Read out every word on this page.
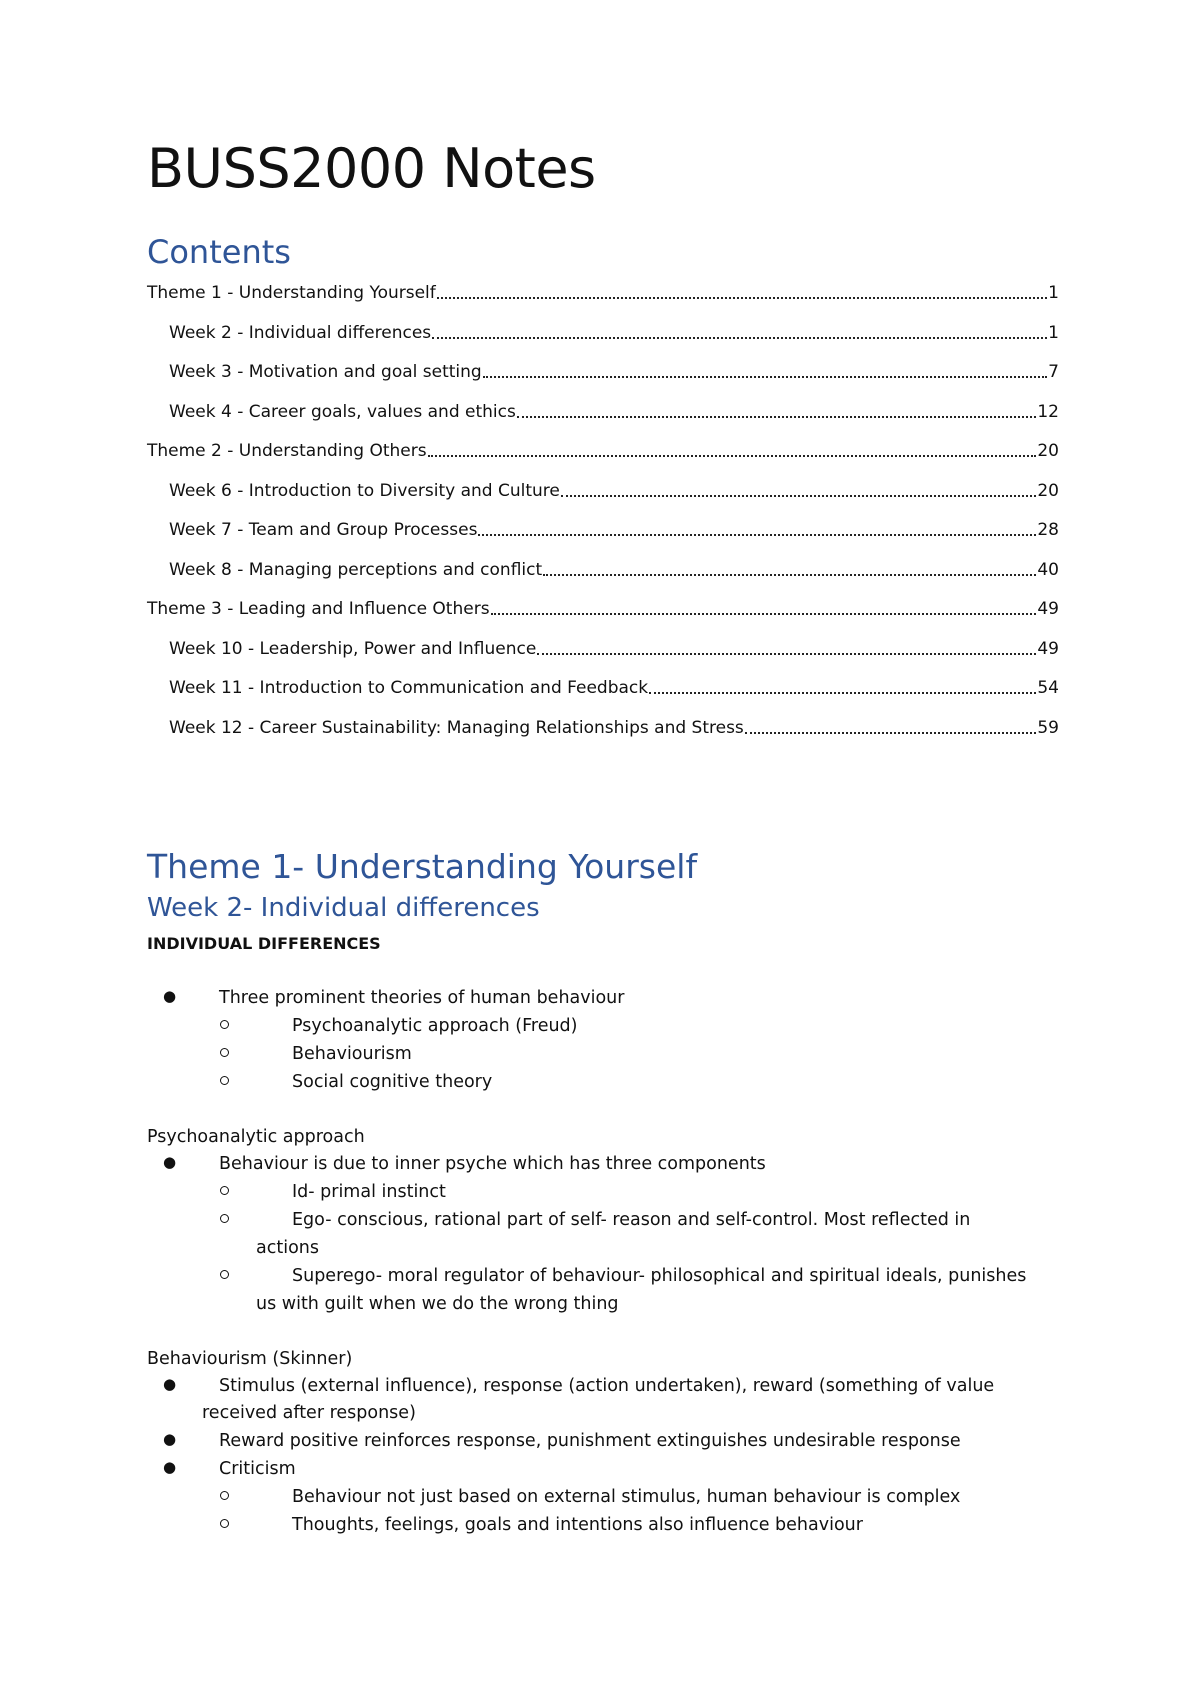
BUSS2000 Notes
Contents
Theme 1 - Understanding Yourself	1
Week 2 - Individual differences	1
Week 3 - Motivation and goal setting	7
Week 4 - Career goals, values and ethics	12
Theme 2 - Understanding Others	20
Week 6 - Introduction to Diversity and Culture	20
Week 7 - Team and Group Processes	28
Week 8 - Managing perceptions and conflict	40
Theme 3 - Leading and Influence Others	49
Week 10 - Leadership, Power and Influence	49
Week 11 - Introduction to Communication and Feedback	54
Week 12 - Career Sustainability: Managing Relationships and Stress	59
Theme 1- Understanding Yourself
Week 2- Individual differences
INDIVIDUAL DIFFERENCES
● Three prominent theories of human behaviour
Psychoanalytic approach (Freud)
Behaviourism
Social cognitive theory
Psychoanalytic approach
● Behaviour is due to inner psyche which has three components
Id- primal instinct
Ego- conscious, rational part of self- reason and self-control. Most reflected in
actions
Superego- moral regulator of behaviour- philosophical and spiritual ideals, punishes
us with guilt when we do the wrong thing
Behaviourism (Skinner)
● Stimulus (external influence), response (action undertaken), reward (something of value
received after response)
● Reward positive reinforces response, punishment extinguishes undesirable response
● Criticism
Behaviour not just based on external stimulus, human behaviour is complex
Thoughts, feelings, goals and intentions also influence behaviour
